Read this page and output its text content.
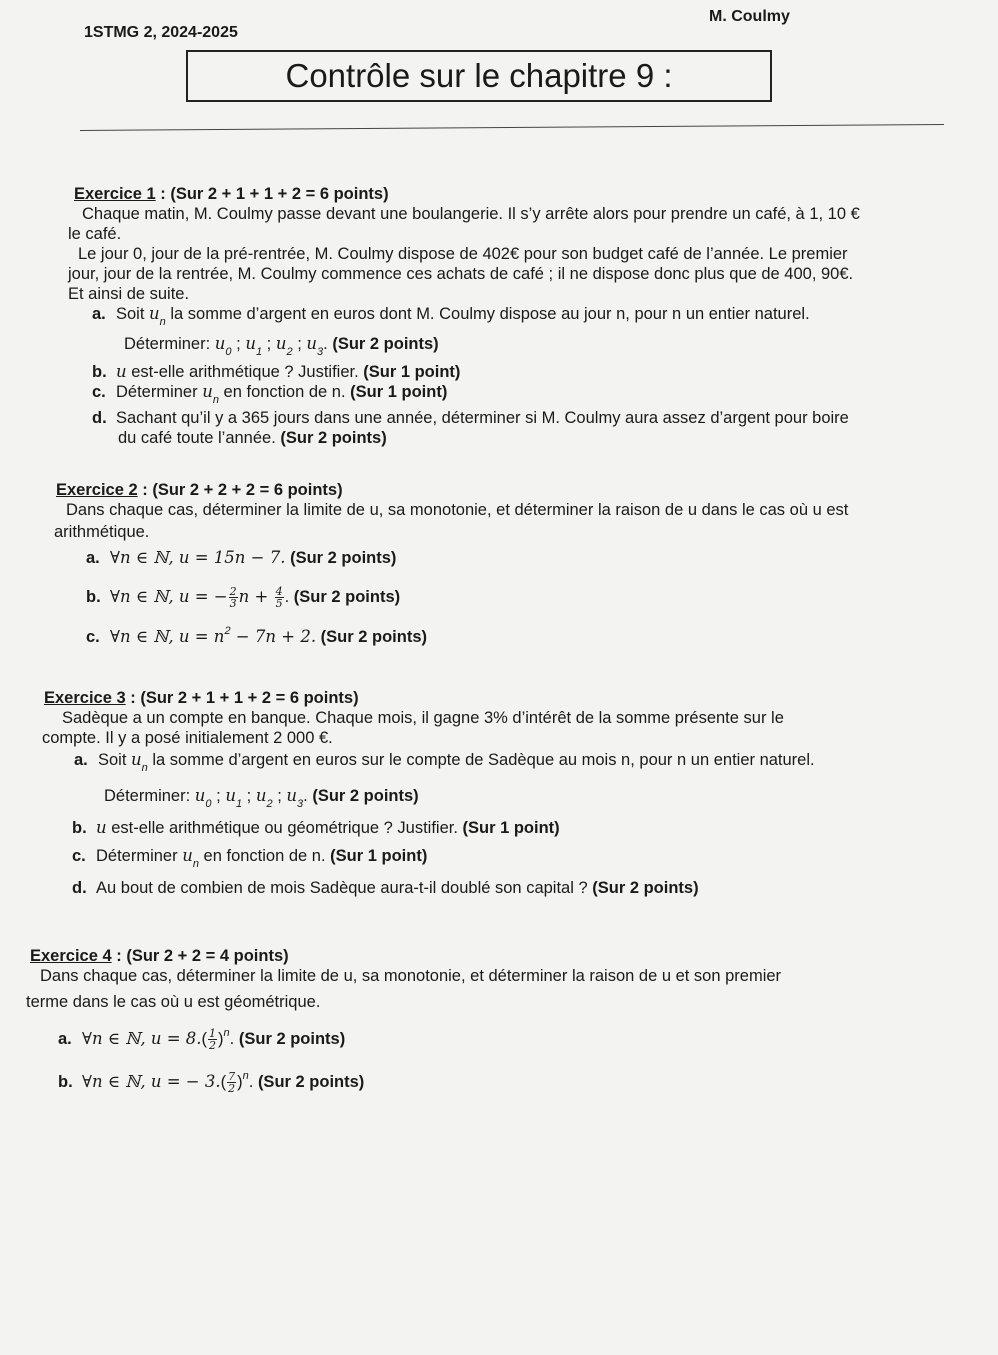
1STMG 2, 2024-2025
M. Coulmy
Contrôle sur le chapitre 9 :
Exercice 1 : (Sur 2 + 1 + 1 + 2 = 6 points)
Chaque matin, M. Coulmy passe devant une boulangerie. Il s’y arrête alors pour prendre un café, à 1, 10 €
le café.
Le jour 0, jour de la pré-rentrée, M. Coulmy dispose de 402€ pour son budget café de l’année. Le premier
jour, jour de la rentrée, M. Coulmy commence ces achats de café ; il ne dispose donc plus que de 400, 90€.
Et ainsi de suite.
a. Soit $u_n$ la somme d’argent en euros dont M. Coulmy dispose au jour n, pour n un entier naturel.
Déterminer: $u_0$ ; $u_1$ ; $u_2$ ; $u_3$. (Sur 2 points)
b. u est-elle arithmétique ? Justifier. (Sur 1 point)
c. Déterminer $u_n$ en fonction de n. (Sur 1 point)
d. Sachant qu’il y a 365 jours dans une année, déterminer si M. Coulmy aura assez d’argent pour boire
du café toute l’année. (Sur 2 points)
Exercice 2 : (Sur 2 + 2 + 2 = 6 points)
Dans chaque cas, déterminer la limite de u, sa monotonie, et déterminer la raison de u dans le cas où u est
arithmétique.
a. ∀n ∈ ℕ, u = 15n − 7. (Sur 2 points)
b. ∀n ∈ ℕ, u = − $\frac{2}{3}$ $n + \frac{4}{5}$ . (Sur 2 points)
c. ∀n ∈ ℕ, $u = n^2 - 7n + 2$. (Sur 2 points)
Exercice 3 : (Sur 2 + 1 + 1 + 2 = 6 points)
Sadèque a un compte en banque. Chaque mois, il gagne 3% d’intérêt de la somme présente sur le
compte. Il y a posé initialement 2 000 €.
a. Soit $u_n$ la somme d’argent en euros sur le compte de Sadèque au mois n, pour n un entier naturel.
Déterminer: $u_0$ ; $u_1$ ; $u_2$ ; $u_3$. (Sur 2 points)
b. u est-elle arithmétique ou géométrique ? Justifier. (Sur 1 point)
c. Déterminer $u_n$ en fonction de n. (Sur 1 point)
d. Au bout de combien de mois Sadèque aura-t-il doublé son capital ? (Sur 2 points)
Exercice 4 : (Sur 2 + 2 = 4 points)
Dans chaque cas, déterminer la limite de u, sa monotonie, et déterminer la raison de u et son premier
terme dans le cas où u est géométrique.
a. ∀n ∈ ℕ, $u = 8.( \frac{1}{2} )^n$. (Sur 2 points)
b. ∀n ∈ ℕ, u = − $3.( \frac{7}{2} )^n$. (Sur 2 points)
